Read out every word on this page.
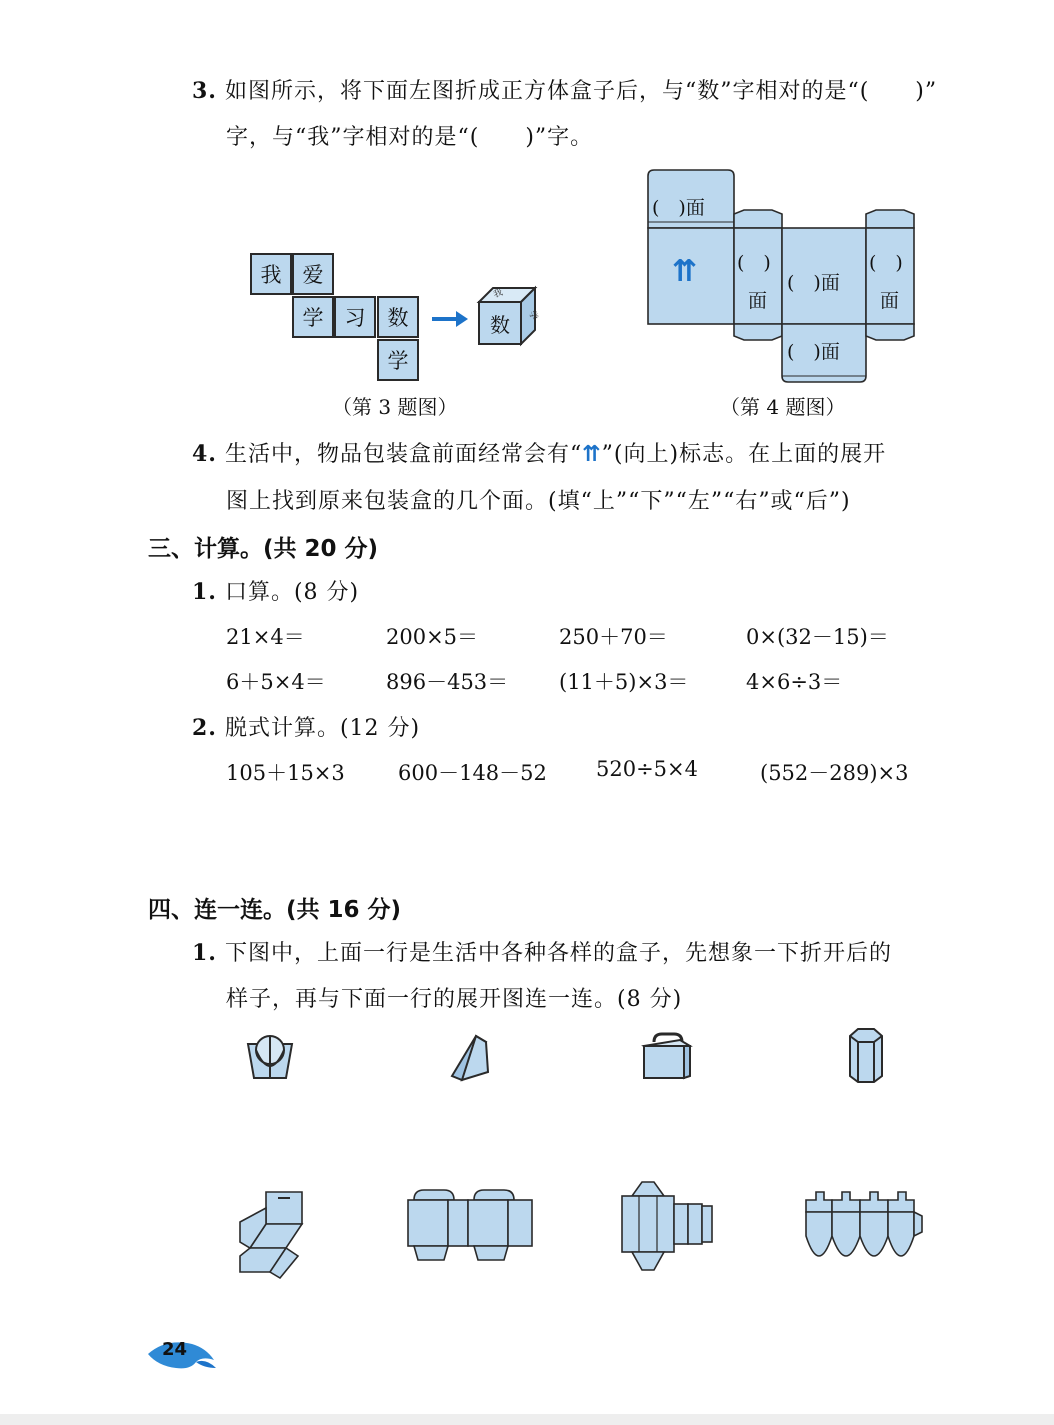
3. 如图所示，将下面左图折成正方体盒子后，与“数”字相对的是“(　　)”
字，与“我”字相对的是“(　　)”字。
我	爱
学	习	数
学
我
学
数
（第 3 题图）
(　)面
⇈ (　)
面
(　)面
(　)
面
(　)面
（第 4 题图）
4. 生活中，物品包装盒前面经常会有“⇈”(向上)标志。在上面的展开
图上找到原来包装盒的几个面。(填“上”“下”“左”“右”或“后”)
三、计算。(共 20 分)
1. 口算。(8 分)
21×4＝	200×5＝	250＋70＝	0×(32－15)＝
6＋5×4＝	896－453＝ (11＋5)×3＝	4×6÷3＝
2. 脱式计算。(12 分)
105＋15×3	600－148－52 520÷5×4	(552－289)×3
四、连一连。(共 16 分)
1. 下图中，上面一行是生活中各种各样的盒子，先想象一下折开后的
样子，再与下面一行的展开图连一连。(8 分)
24
